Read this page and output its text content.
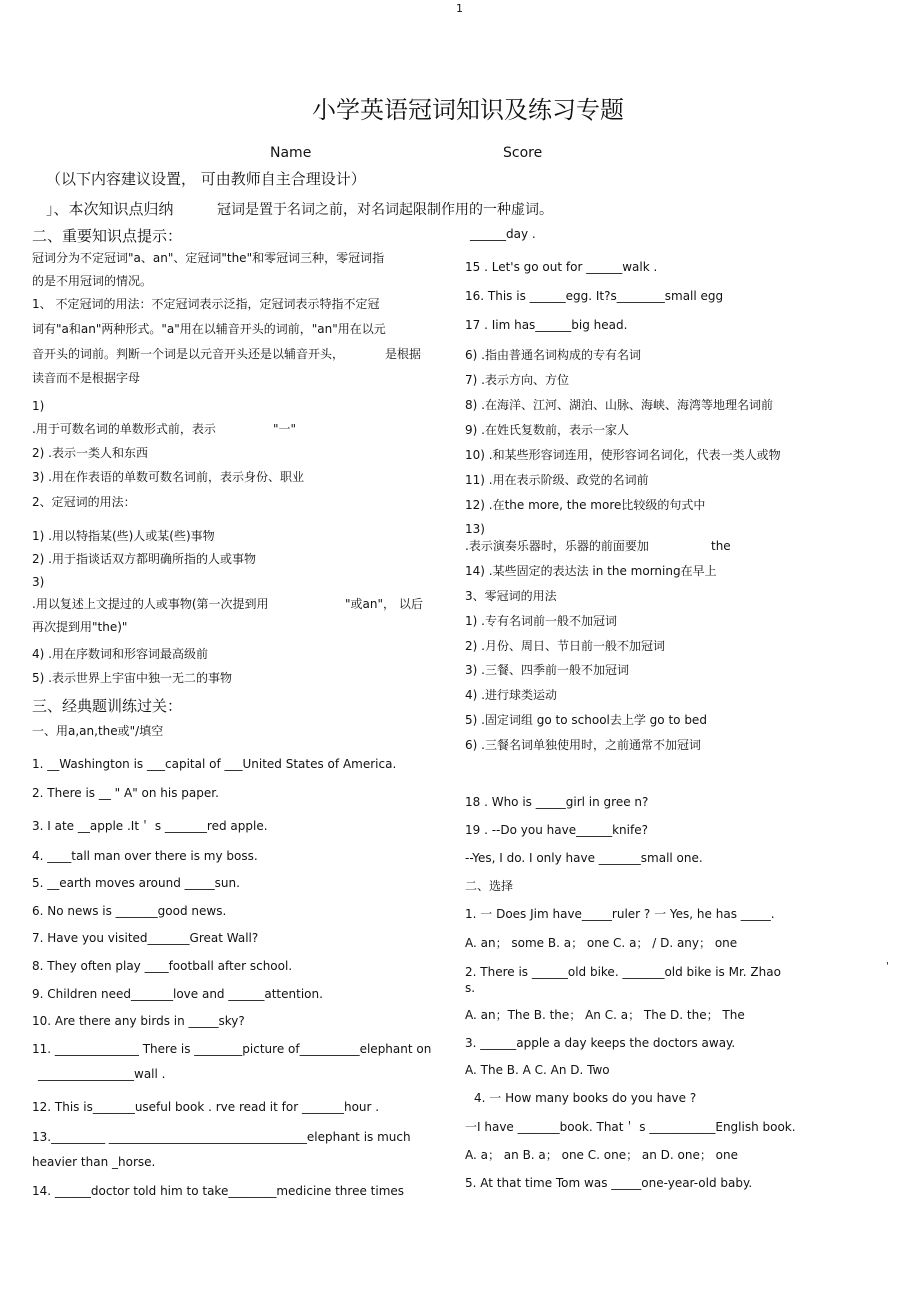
1
小学英语冠词知识及练习专题
Name	Score
（以下内容建议设置， 可由教师自主合理设计）
」、本次知识点归纳	冠词是置于名词之前，对名词起限制作用的一种虚词。
二、重要知识点提示：
冠词分为不定冠词"a、an"、定冠词"the"和零冠词三种，零冠词指
的是不用冠词的情况。
1、 不定冠词的用法：不定冠词表示泛指，定冠词表示特指不定冠
词有"a和an"两种形式。"a"用在以辅音开头的词前，"an"用在以元
音开头的词前。判断一个词是以元音开头还是以辅音开头，	是根据
读音而不是根据字母
1)
.用于可数名词的单数形式前，表示	"一"
2) .表示一类人和东西
3) .用在作表语的单数可数名词前，表示身份、职业
2、定冠词的用法：
1) .用以特指某(些)人或某(些)事物
2) .用于指谈话双方都明确所指的人或事物
3)
.用以复述上文提过的人或事物(第一次提到用	"或an"， 以后
再次提到用"the)"
4) .用在序数词和形容词最高级前
5) .表示世界上宇宙中独一无二的事物
三、经典题训练过关：
一、用a,an,the或"/填空
1. __Washington is ___capital of ___United States of America.
2. There is __ " A" on his paper.
3. I ate __apple .It＇ s _______red apple.
4. ____tall man over there is my boss.
5. __earth moves around _____sun.
6. No news is _______good news.
7. Have you visited_______Great Wall?
8. They often play ____football after school.
9. Children need_______love and ______attention.
10. Are there any birds in _____sky?
11. ______________ There is ________picture of__________elephant on
________________wall .
12. This is_______useful book . rve read it for _______hour .
13._________ _________________________________elephant is much
heavier than _horse.
14. ______doctor told him to take________medicine three times
______day .
15 . Let's go out for ______walk .
16. This is ______egg. It?s________small egg
17 . Iim has______big head.
6) .指由普通名词构成的专有名词
7) .表示方向、方位
8) .在海洋、江河、湖泊、山脉、海峡、海湾等地理名词前
9) .在姓氏复数前，表示一家人
10) .和某些形容词连用，使形容词名词化，代表一类人或物
11) .用在表示阶级、政党的名词前
12) .在the more, the more比较级的句式中
13)
.表示演奏乐器时，乐器的前面要加	the
14) .某些固定的表达法 in the morning在早上
3、零冠词的用法
1) .专有名词前一般不加冠词
2) .月份、周日、节日前一般不加冠词
3) .三餐、四季前一般不加冠词
4) .进行球类运动
5) .固定词组 go to school去上学 go to bed
6) .三餐名词单独使用时，之前通常不加冠词
18 . Who is _____girl in gree n?
19 . --Do you have______knife?
--Yes, I do. I only have _______small one.
二、选择
1. 一 Does Jim have_____ruler ? 一 Yes, he has _____.
A. an； some B. a； one C. a； / D. any； one
2. There is ______old bike. _______old bike is Mr. Zhao
s.
'
A. an；The B. the； An C. a； The D. the； The
3. ______apple a day keeps the doctors away.
A. The B. A C. An D. Two
4. 一 How many books do you have ?
一I have _______book. That＇ s ___________English book.
A. a； an B. a； one C. one； an D. one； one
5. At that time Tom was _____one-year-old baby.
